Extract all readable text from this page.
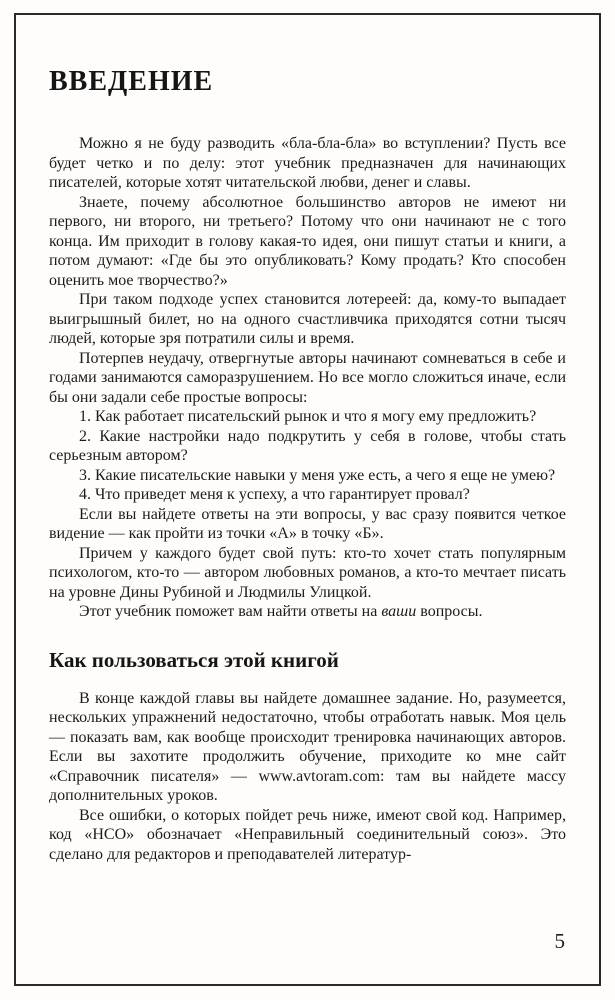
ВВЕДЕНИЕ

Можно я не буду разводить «бла-бла-бла» во вступлении? Пусть все будет четко и по делу: этот учебник предназначен для начинающих писателей, которые хотят читательской любви, денег и славы.

Знаете, почему абсолютное большинство авторов не имеют ни первого, ни второго, ни третьего? Потому что они начинают не с того конца. Им приходит в голову какая-то идея, они пишут статьи и книги, а потом думают: «Где бы это опубликовать? Кому продать? Кто способен оценить мое творчество?»

При таком подходе успех становится лотереей: да, кому-то выпадает выигрышный билет, но на одного счастливчика приходятся сотни тысяч людей, которые зря потратили силы и время.

Потерпев неудачу, отвергнутые авторы начинают сомневаться в себе и годами занимаются саморазрушением. Но все могло сложиться иначе, если бы они задали себе простые вопросы:

1. Как работает писательский рынок и что я могу ему предложить?

2. Какие настройки надо подкрутить у себя в голове, чтобы стать серьезным автором?

3. Какие писательские навыки у меня уже есть, а чего я еще не умею?

4. Что приведет меня к успеху, а что гарантирует провал?

Если вы найдете ответы на эти вопросы, у вас сразу появится четкое видение — как пройти из точки «А» в точку «Б».

Причем у каждого будет свой путь: кто-то хочет стать популярным психологом, кто-то — автором любовных романов, а кто-то мечтает писать на уровне Дины Рубиной и Людмилы Улицкой.

Этот учебник поможет вам найти ответы на ваши вопросы.

Как пользоваться этой книгой

В конце каждой главы вы найдете домашнее задание. Но, разумеется, нескольких упражнений недостаточно, чтобы отработать навык. Моя цель — показать вам, как вообще происходит тренировка начинающих авторов. Если вы захотите продолжить обучение, приходите ко мне сайт «Справочник писателя» — www.avtoram.com: там вы найдете массу дополнительных уроков.

Все ошибки, о которых пойдет речь ниже, имеют свой код. Например, код «НСО» обозначает «Неправильный соединительный союз». Это сделано для редакторов и преподавателей литератур-

5
